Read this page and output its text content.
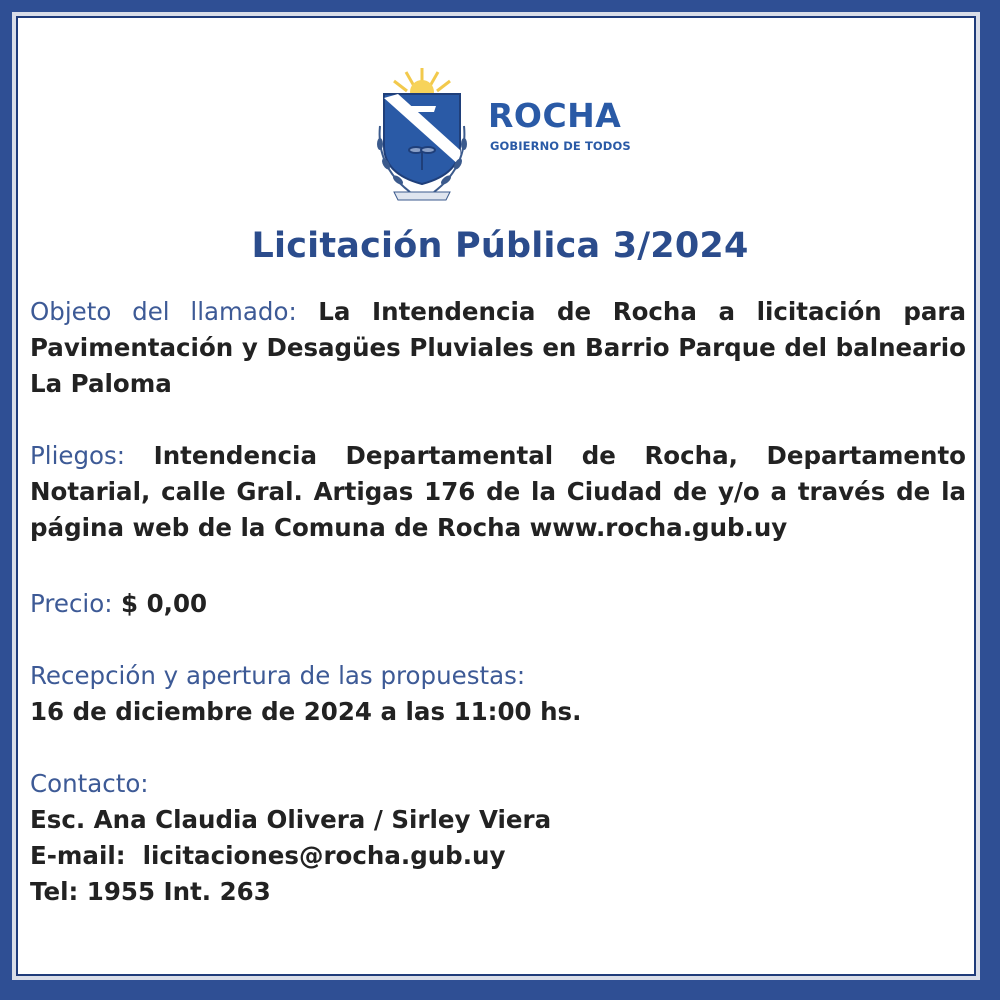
ROCHA
GOBIERNO DE TODOS
Licitación Pública 3/2024

Objeto del llamado: La Intendencia de Rocha a licitación para Pavimentación y Desagües Pluviales en Barrio Parque del balneario La Paloma

Pliegos: Intendencia Departamental de Rocha, Departamento Notarial, calle Gral. Artigas 176 de la Ciudad de y/o a través de la página web de la Comuna de Rocha www.rocha.gub.uy

Precio: $ 0,00

Recepción y apertura de las propuestas:
16 de diciembre de 2024 a las 11:00 hs.
Contacto:
Esc. Ana Claudia Olivera / Sirley Viera
E-mail:  licitaciones@rocha.gub.uy
Tel: 1955 Int. 263
